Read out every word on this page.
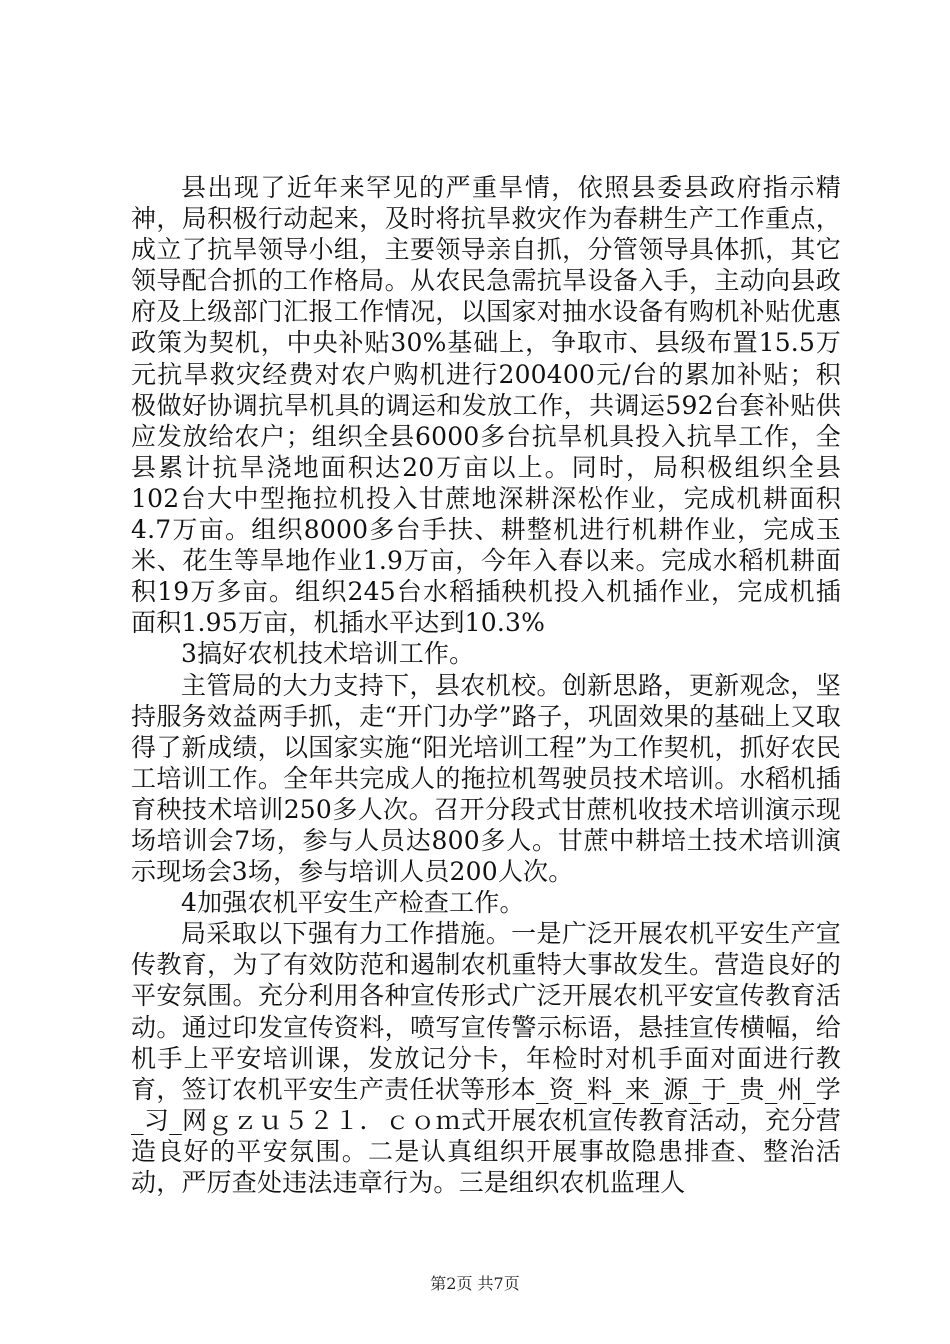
县出现了近年来罕见的严重旱情，依照县委县政府指示精神，局积极行动起来，及时将抗旱救灾作为春耕生产工作重点，成立了抗旱领导小组，主要领导亲自抓，分管领导具体抓，其它领导配合抓的工作格局。从农民急需抗旱设备入手，主动向县政府及上级部门汇报工作情况，以国家对抽水设备有购机补贴优惠政策为契机，中央补贴30%基础上，争取市、县级布置15.5万元抗旱救灾经费对农户购机进行200400元/台的累加补贴；积极做好协调抗旱机具的调运和发放工作，共调运592台套补贴供应发放给农户；组织全县6000多台抗旱机具投入抗旱工作，全县累计抗旱浇地面积达20万亩以上。同时，局积极组织全县102台大中型拖拉机投入甘蔗地深耕深松作业，完成机耕面积4.7万亩。组织8000多台手扶、耕整机进行机耕作业，完成玉米、花生等旱地作业1.9万亩，今年入春以来。完成水稻机耕面积19万多亩。组织245台水稻插秧机投入机插作业，完成机插面积1.95万亩，机插水平达到10.3%

3搞好农机技术培训工作。

主管局的大力支持下，县农机校。创新思路，更新观念，坚持服务效益两手抓，走“开门办学”路子，巩固效果的基础上又取得了新成绩，以国家实施“阳光培训工程”为工作契机，抓好农民工培训工作。全年共完成人的拖拉机驾驶员技术培训。水稻机插育秧技术培训250多人次。召开分段式甘蔗机收技术培训演示现场培训会7场，参与人员达800多人。甘蔗中耕培土技术培训演示现场会3场，参与培训人员200人次。

4加强农机平安生产检查工作。

局采取以下强有力工作措施。一是广泛开展农机平安生产宣传教育，为了有效防范和遏制农机重特大事故发生。营造良好的平安氛围。充分利用各种宣传形式广泛开展农机平安宣传教育活动。通过印发宣传资料，喷写宣传警示标语，悬挂宣传横幅，给机手上平安培训课，发放记分卡，年检时对机手面对面进行教育，签订农机平安生产责任状等形本_资_料_来_源_于_贵_州_学_习_网ｇｚｕ５２１．ｃｏｍ式开展农机宣传教育活动，充分营造良好的平安氛围。二是认真组织开展事故隐患排查、整治活动，严厉查处违法违章行为。三是组织农机监理人

第2页 共7页
